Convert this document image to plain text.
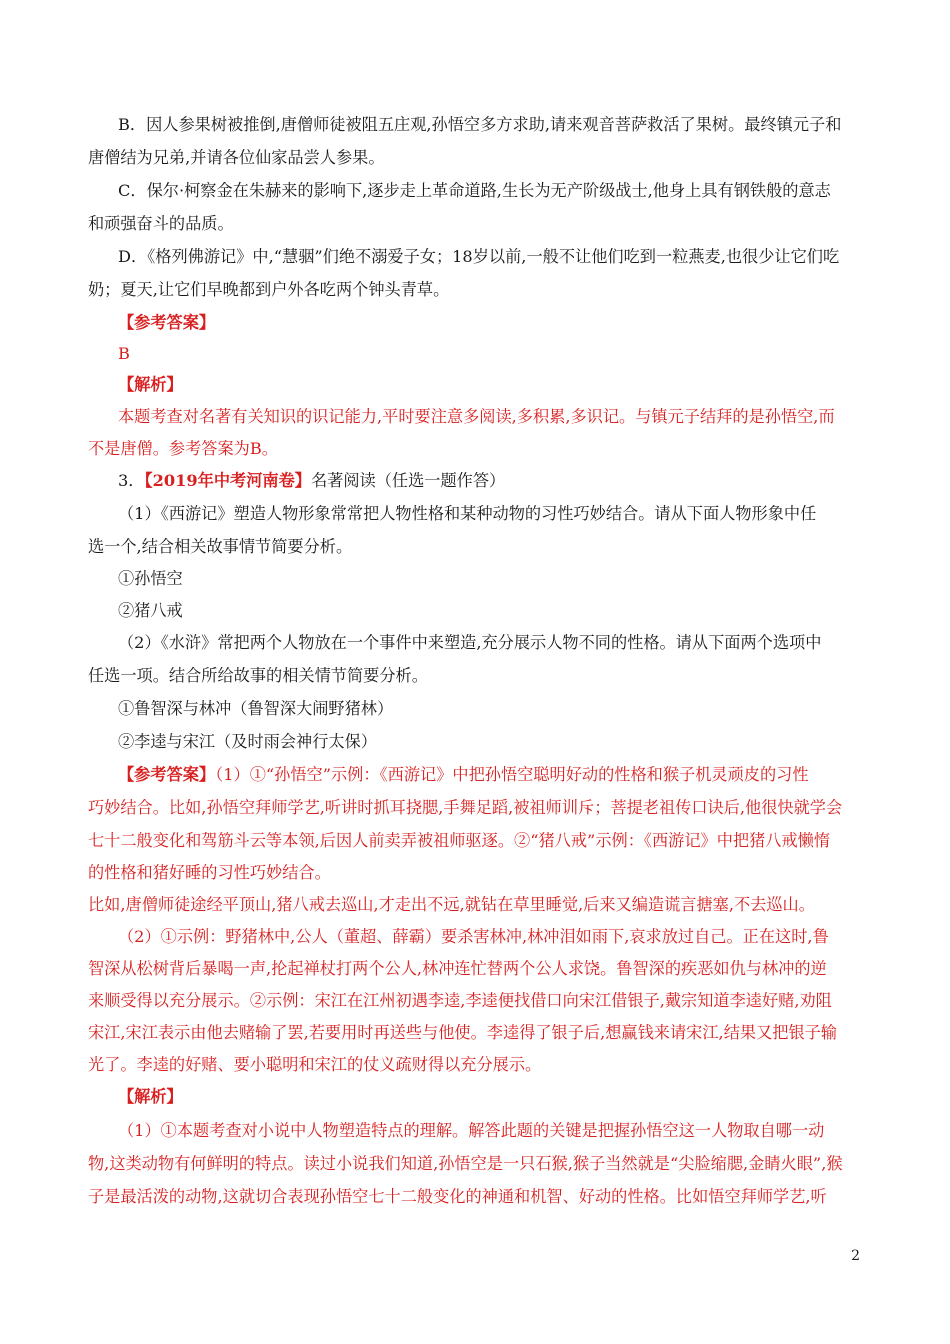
B．因人参果树被推倒,唐僧师徒被阻五庄观,孙悟空多方求助,请来观音菩萨救活了果树。最终镇元子和
唐僧结为兄弟,并请各位仙家品尝人参果。
C．保尔·柯察金在朱赫来的影响下,逐步走上革命道路,生长为无产阶级战士,他身上具有钢铁般的意志
和顽强奋斗的品质。
D．《格列佛游记》中,“慧骃”们绝不溺爱子女；18岁以前,一般不让他们吃到一粒燕麦,也很少让它们吃
奶；夏天,让它们早晚都到户外各吃两个钟头青草。
【参考答案】
B
【解析】
本题考查对名著有关知识的识记能力,平时要注意多阅读,多积累,多识记。与镇元子结拜的是孙悟空,而
不是唐僧。参考答案为B。
3．【2019年中考河南卷】名著阅读（任选一题作答）
（1）《西游记》塑造人物形象常常把人物性格和某种动物的习性巧妙结合。请从下面人物形象中任
选一个,结合相关故事情节简要分析。
①孙悟空
②猪八戒
（2）《水浒》常把两个人物放在一个事件中来塑造,充分展示人物不同的性格。请从下面两个选项中
任选一项。结合所给故事的相关情节简要分析。
①鲁智深与林冲（鲁智深大闹野猪林）
②李逵与宋江（及时雨会神行太保）
【参考答案】（1）①“孙悟空”示例：《西游记》中把孙悟空聪明好动的性格和猴子机灵顽皮的习性
巧妙结合。比如,孙悟空拜师学艺,听讲时抓耳挠腮,手舞足蹈,被祖师训斥；菩提老祖传口诀后,他很快就学会
七十二般变化和驾筋斗云等本领,后因人前卖弄被祖师驱逐。②“猪八戒”示例：《西游记》中把猪八戒懒惰
的性格和猪好睡的习性巧妙结合。
比如,唐僧师徒途经平顶山,猪八戒去巡山,才走出不远,就钻在草里睡觉,后来又编造谎言搪塞,不去巡山。
（2）①示例：野猪林中,公人（董超、薛霸）要杀害林冲,林冲泪如雨下,哀求放过自己。正在这时,鲁
智深从松树背后暴喝一声,抡起禅杖打两个公人,林冲连忙替两个公人求饶。鲁智深的疾恶如仇与林冲的逆
来顺受得以充分展示。②示例：宋江在江州初遇李逵,李逵便找借口向宋江借银子,戴宗知道李逵好赌,劝阻
宋江,宋江表示由他去赌输了罢,若要用时再送些与他使。李逵得了银子后,想赢钱来请宋江,结果又把银子输
光了。李逵的好赌、要小聪明和宋江的仗义疏财得以充分展示。
【解析】
（1）①本题考查对小说中人物塑造特点的理解。解答此题的关键是把握孙悟空这一人物取自哪一动
物,这类动物有何鲜明的特点。读过小说我们知道,孙悟空是一只石猴,猴子当然就是“尖脸缩腮,金睛火眼”,猴
子是最活泼的动物,这就切合表现孙悟空七十二般变化的神通和机智、好动的性格。比如悟空拜师学艺,听
2
